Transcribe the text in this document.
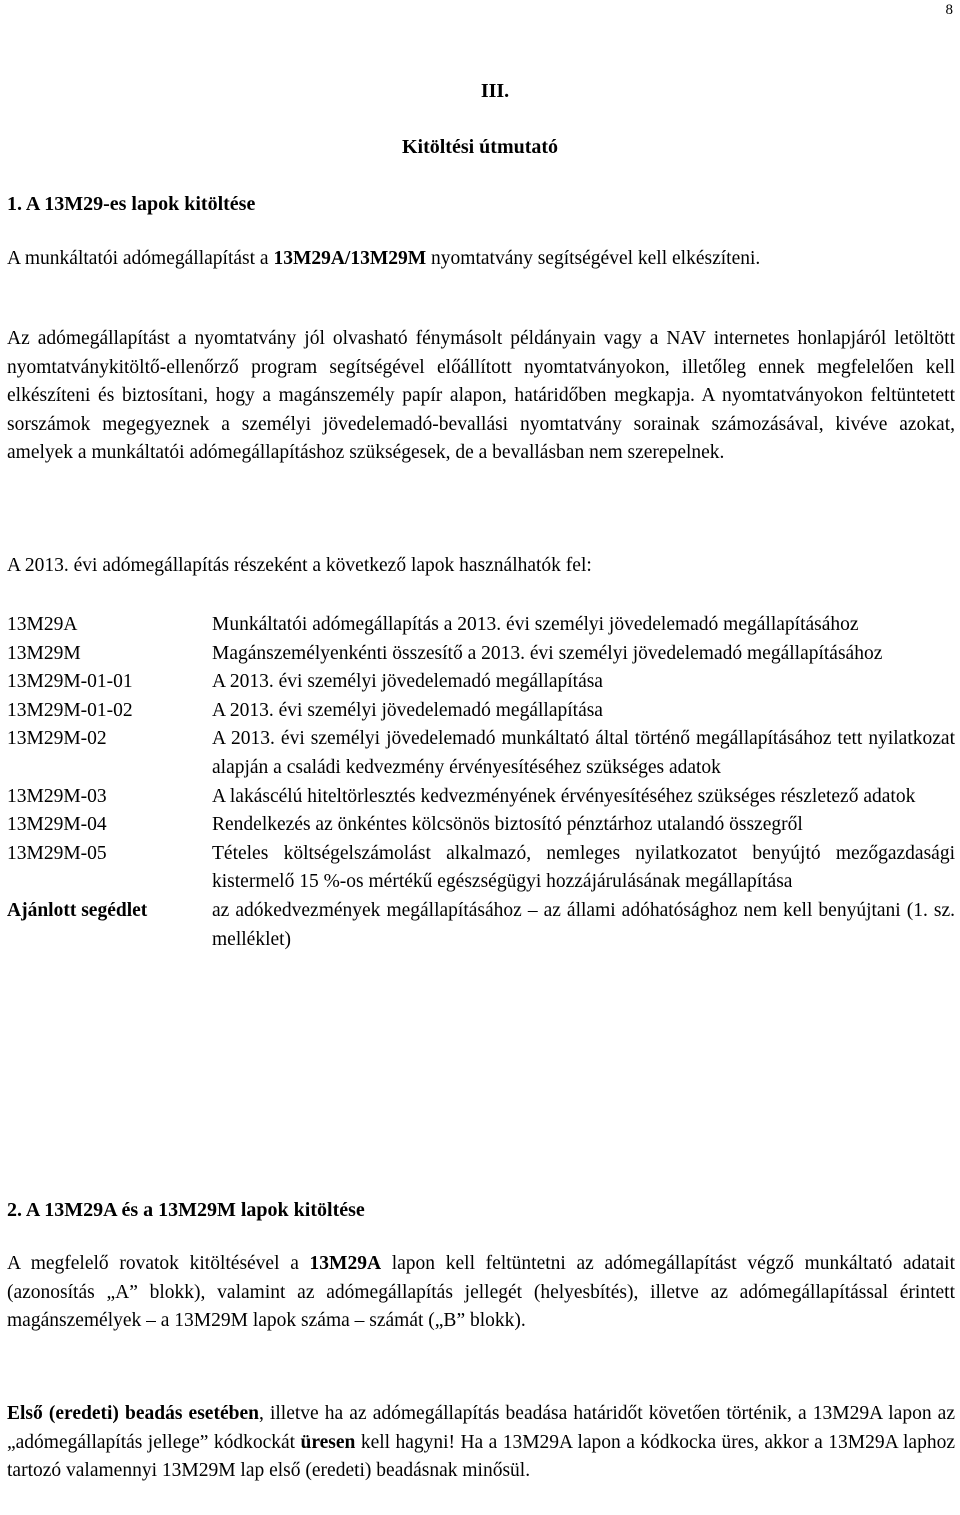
8
III.
Kitöltési útmutató
1. A 13M29-es lapok kitöltése

A munkáltatói adómegállapítást a 13M29A/13M29M nyomtatvány segítségével kell elkészíteni.

Az adómegállapítást a nyomtatvány jól olvasható fénymásolt példányain vagy a NAV internetes honlapjáról letöltött nyomtatványkitöltő-ellenőrző program segítségével előállított nyomtatványokon, illetőleg ennek megfelelően kell elkészíteni és biztosítani, hogy a magánszemély papír alapon, határidőben megkapja. A nyomtatványokon feltüntetett sorszámok megegyeznek a személyi jövedelemadó-bevallási nyomtatvány sorainak számozásával, kivéve azokat, amelyek a munkáltatói adómegállapításhoz szükségesek, de a bevallásban nem szerepelnek.

A 2013. évi adómegállapítás részeként a következő lapok használhatók fel:

13M29A	Munkáltatói adómegállapítás a 2013. évi személyi jövedelemadó megállapításához
13M29M	Magánszemélyenkénti összesítő a 2013. évi személyi jövedelemadó megállapításához
13M29M-01-01	A 2013. évi személyi jövedelemadó megállapítása
13M29M-01-02	A 2013. évi személyi jövedelemadó megállapítása
13M29M-02	A 2013. évi személyi jövedelemadó munkáltató által történő megállapításához tett nyilatkozat alapján a családi kedvezmény érvényesítéséhez szükséges adatok
13M29M-03	A lakáscélú hiteltörlesztés kedvezményének érvényesítéséhez szükséges részletező adatok
13M29M-04	Rendelkezés az önkéntes kölcsönös biztosító pénztárhoz utalandó összegről
13M29M-05	Tételes költségelszámolást alkalmazó, nemleges nyilatkozatot benyújtó mezőgazdasági kistermelő 15 %-os mértékű egészségügyi hozzájárulásának megállapítása
Ajánlott segédlet	az adókedvezmények megállapításához – az állami adóhatósághoz nem kell benyújtani (1. sz. melléklet)
2. A 13M29A és a 13M29M lapok kitöltése

A megfelelő rovatok kitöltésével a 13M29A lapon kell feltüntetni az adómegállapítást végző munkáltató adatait (azonosítás „A” blokk), valamint az adómegállapítás jellegét (helyesbítés), illetve az adómegállapítással érintett magánszemélyek – a 13M29M lapok száma – számát („B” blokk).

Első (eredeti) beadás esetében, illetve ha az adómegállapítás beadása határidőt követően történik, a 13M29A lapon az „adómegállapítás jellege” kódkockát üresen kell hagyni! Ha a 13M29A lapon a kódkocka üres, akkor a 13M29A laphoz tartozó valamennyi 13M29M lap első (eredeti) beadásnak minősül.
